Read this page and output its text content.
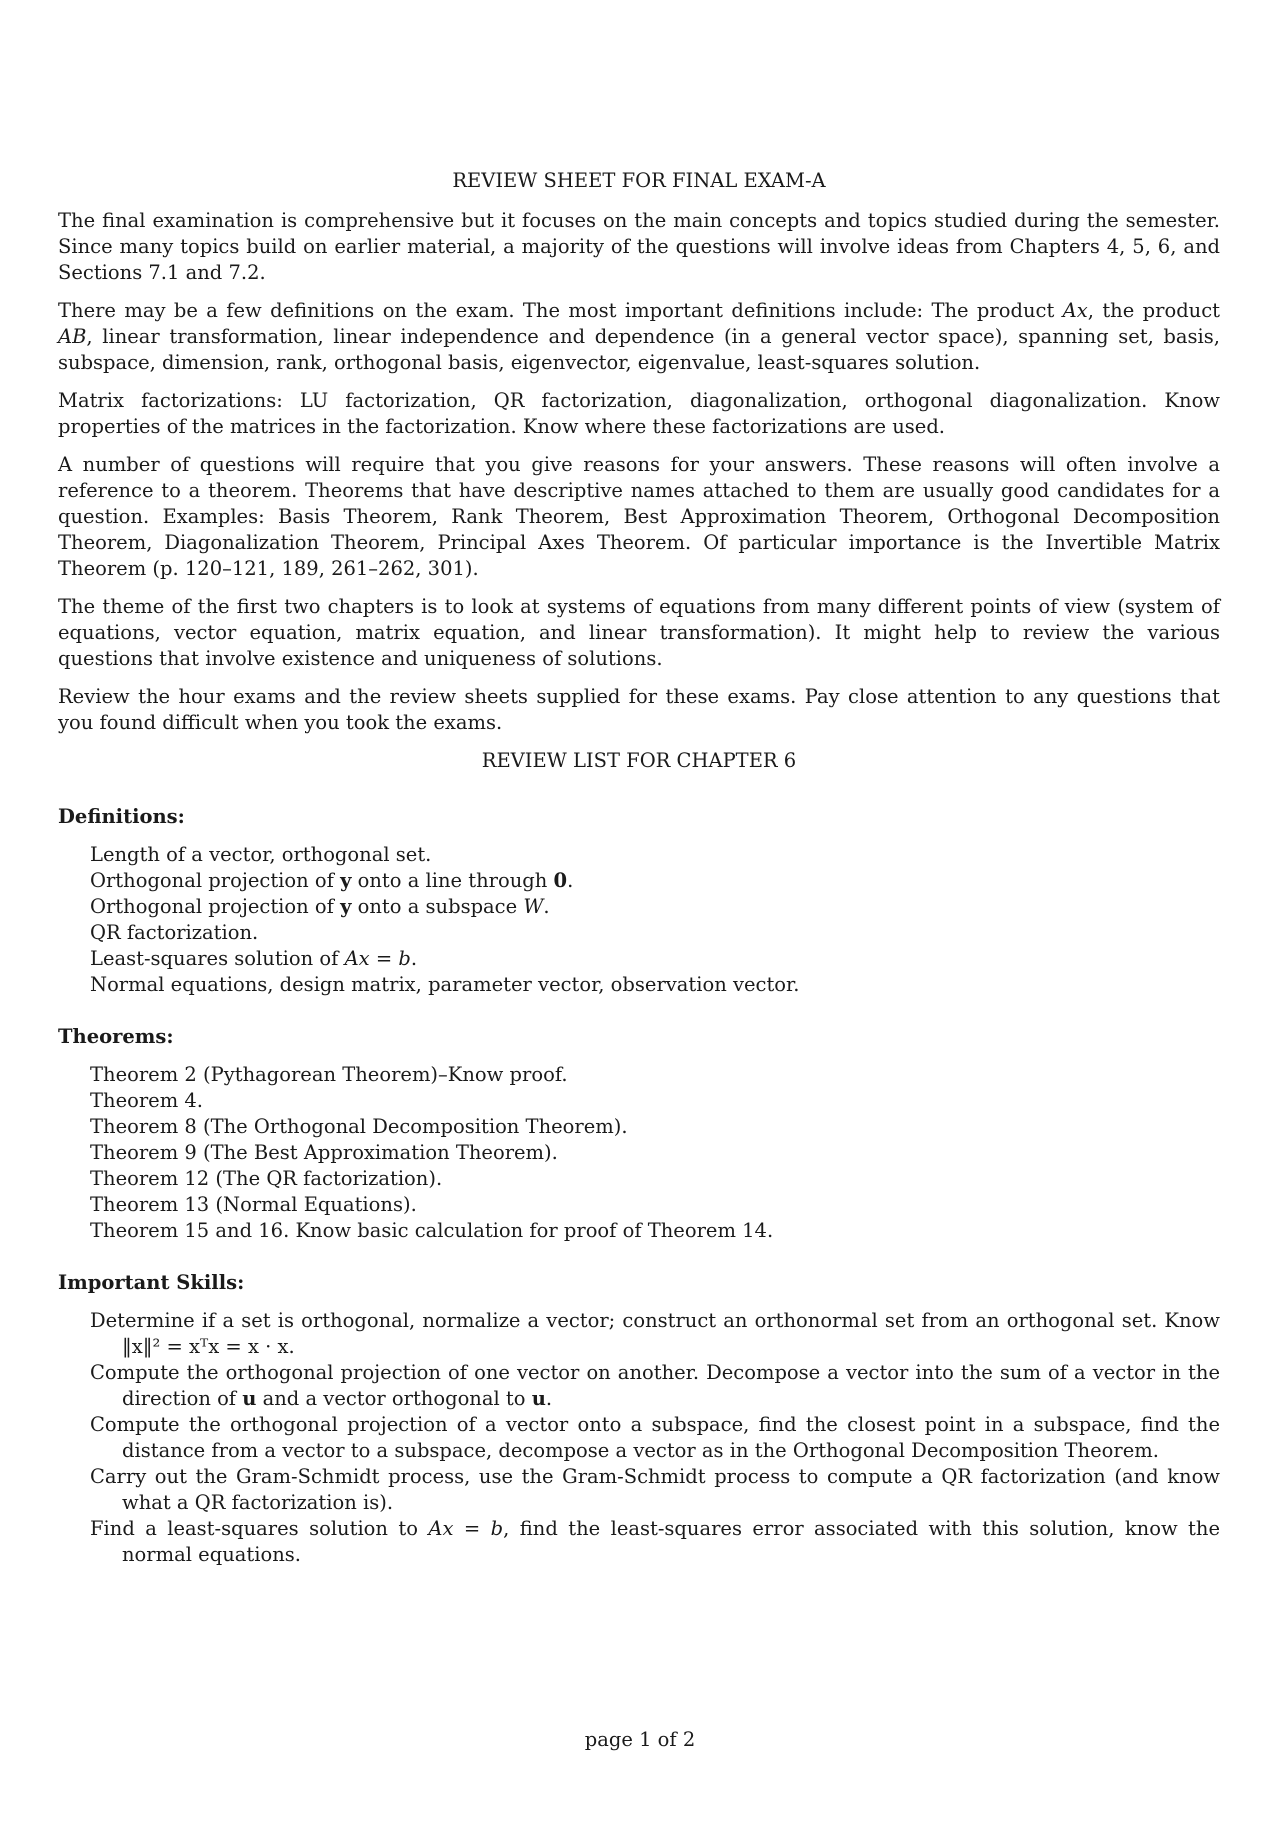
REVIEW SHEET FOR FINAL EXAM-A
The final examination is comprehensive but it focuses on the main concepts and topics studied during the semester. Since many topics build on earlier material, a majority of the questions will involve ideas from Chapters 4, 5, 6, and Sections 7.1 and 7.2.
There may be a few definitions on the exam. The most important definitions include: The product Ax, the product AB, linear transformation, linear independence and dependence (in a general vector space), spanning set, basis, subspace, dimension, rank, orthogonal basis, eigenvector, eigenvalue, least-squares solution.
Matrix factorizations: LU factorization, QR factorization, diagonalization, orthogonal diagonalization. Know properties of the matrices in the factorization. Know where these factorizations are used.
A number of questions will require that you give reasons for your answers. These reasons will often involve a reference to a theorem. Theorems that have descriptive names attached to them are usually good candidates for a question. Examples: Basis Theorem, Rank Theorem, Best Approximation Theorem, Orthogonal Decomposition Theorem, Diagonalization Theorem, Principal Axes Theorem. Of particular importance is the Invertible Matrix Theorem (p. 120–121, 189, 261–262, 301).
The theme of the first two chapters is to look at systems of equations from many different points of view (system of equations, vector equation, matrix equation, and linear transformation). It might help to review the various questions that involve existence and uniqueness of solutions.
Review the hour exams and the review sheets supplied for these exams. Pay close attention to any questions that you found difficult when you took the exams.
REVIEW LIST FOR CHAPTER 6
Definitions:
Length of a vector, orthogonal set.
Orthogonal projection of y onto a line through 0.
Orthogonal projection of y onto a subspace W.
QR factorization.
Least-squares solution of Ax = b.
Normal equations, design matrix, parameter vector, observation vector.
Theorems:
Theorem 2 (Pythagorean Theorem)–Know proof.
Theorem 4.
Theorem 8 (The Orthogonal Decomposition Theorem).
Theorem 9 (The Best Approximation Theorem).
Theorem 12 (The QR factorization).
Theorem 13 (Normal Equations).
Theorem 15 and 16. Know basic calculation for proof of Theorem 14.
Important Skills:
Determine if a set is orthogonal, normalize a vector; construct an orthonormal set from an orthogonal set. Know ‖x‖² = xᵀx = x · x.
Compute the orthogonal projection of one vector on another. Decompose a vector into the sum of a vector in the direction of u and a vector orthogonal to u.
Compute the orthogonal projection of a vector onto a subspace, find the closest point in a subspace, find the distance from a vector to a subspace, decompose a vector as in the Orthogonal Decomposition Theorem.
Carry out the Gram-Schmidt process, use the Gram-Schmidt process to compute a QR factorization (and know what a QR factorization is).
Find a least-squares solution to Ax = b, find the least-squares error associated with this solution, know the normal equations.
page 1 of 2
